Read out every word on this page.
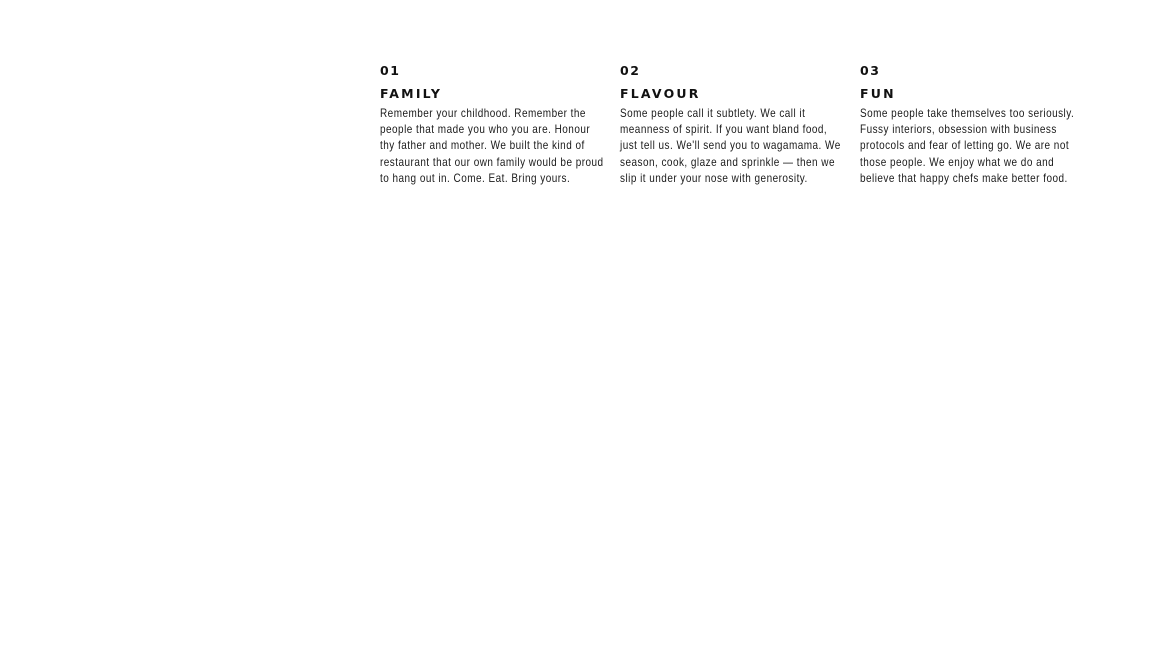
01
FAMILY

Remember your childhood. Remember the people that made you who you are. Honour thy father and mother. We built the kind of restaurant that our own family would be proud to hang out in. Come. Eat. Bring yours.

02
FLAVOUR

Some people call it subtlety. We call it meanness of spirit. If you want bland food, just tell us. We'll send you to wagamama. We season, cook, glaze and sprinkle — then we slip it under your nose with generosity.

03
FUN

Some people take themselves too seriously. Fussy interiors, obsession with business protocols and fear of letting go. We are not those people. We enjoy what we do and believe that happy chefs make better food.
